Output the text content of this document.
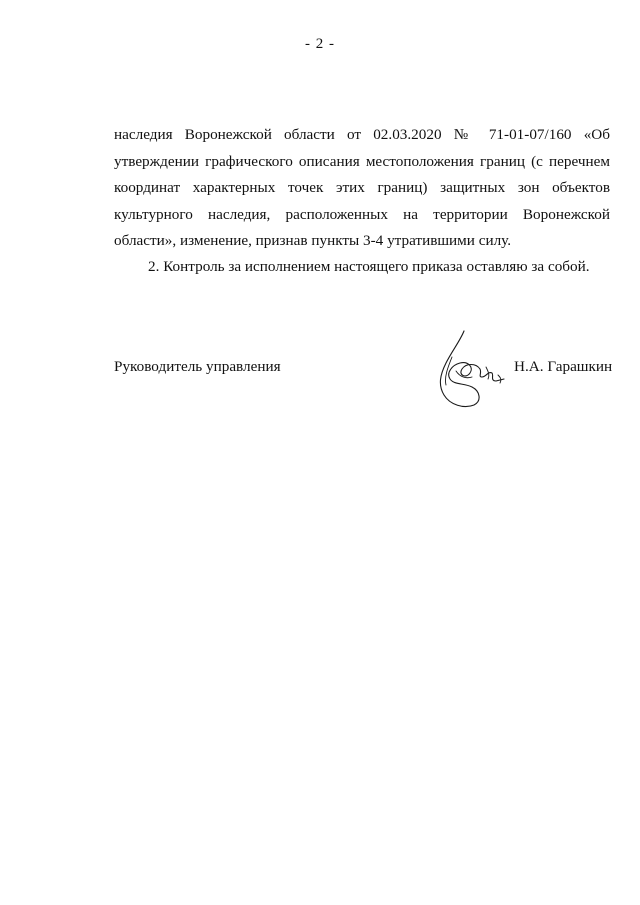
- 2 -
наследия Воронежской области от 02.03.2020 № 71-01-07/160 «Об
утверждении графического описания местоположения границ (с перечнем
координат характерных точек этих границ) защитных зон объектов
культурного наследия, расположенных на территории Воронежской
области», изменение, признав пункты 3-4 утратившими силу.
2. Контроль за исполнением настоящего приказа оставляю за собой.
Руководитель управления	Н.А. Гарашкин
